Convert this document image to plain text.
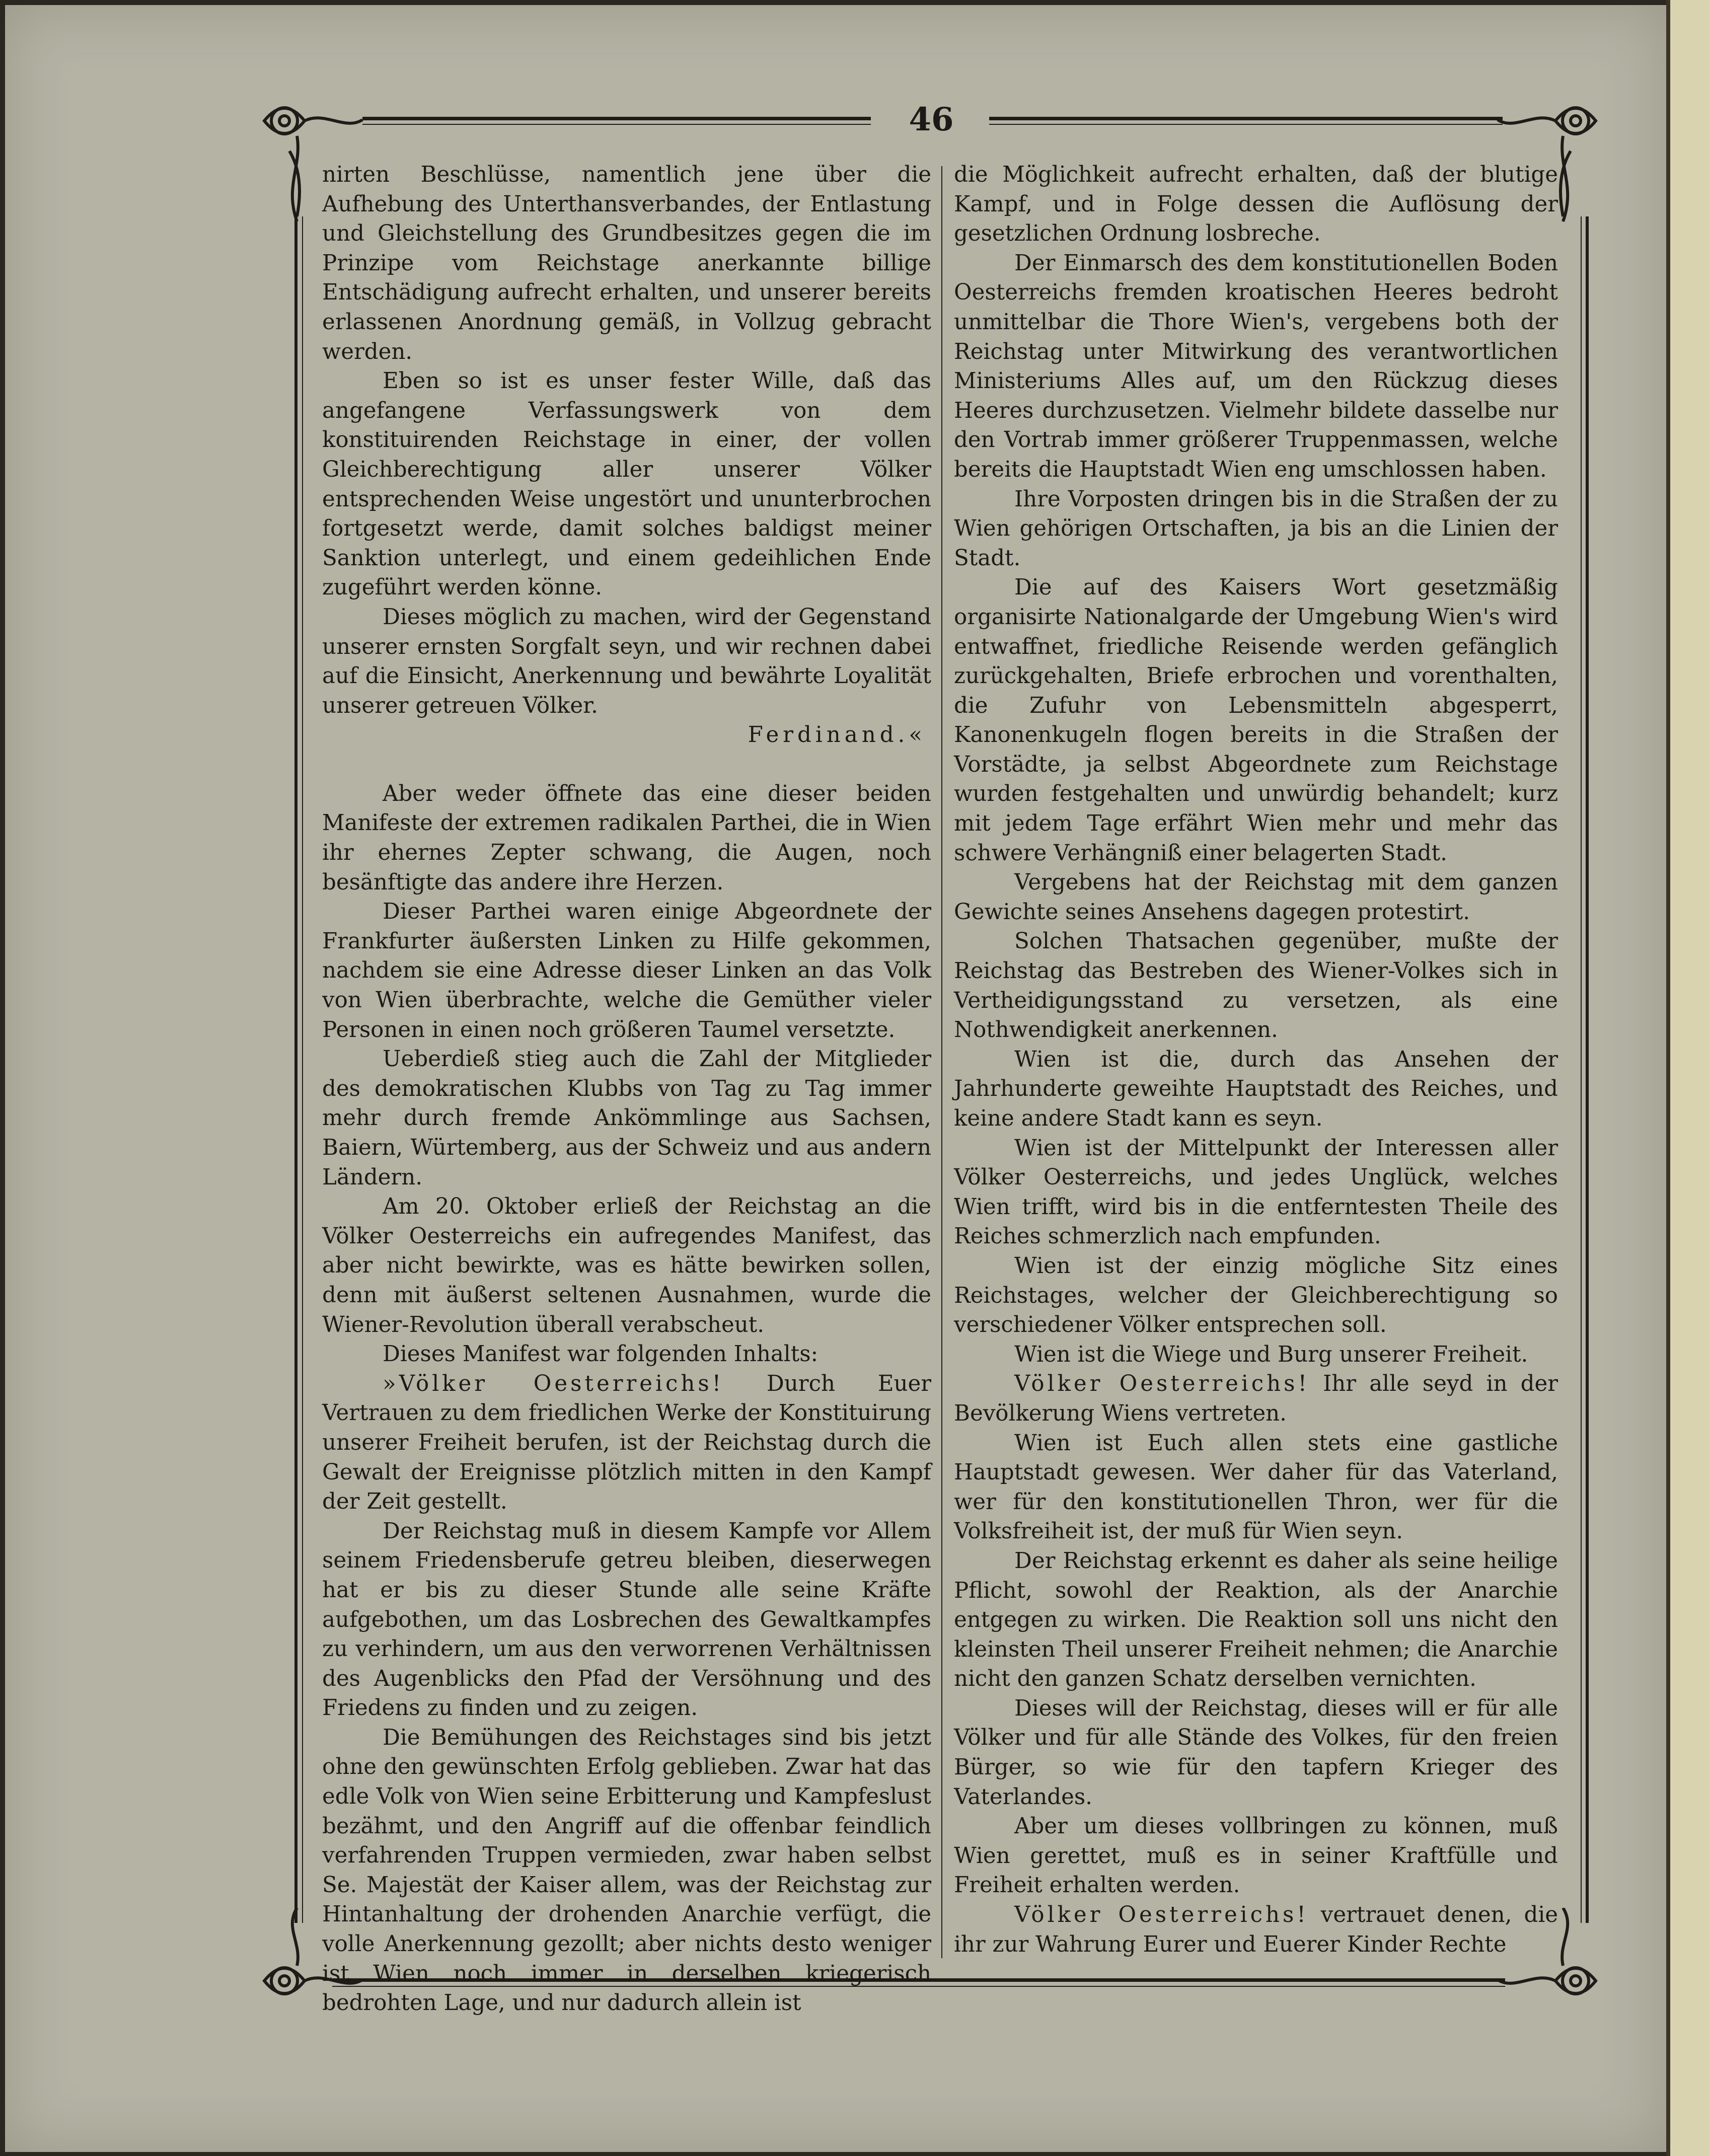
46

nirten Beschlüsse, namentlich jene über die Aufhebung des Unterthansverbandes, der Entlastung und Gleichstellung des Grundbesitzes gegen die im Prinzipe vom Reichstage anerkannte billige Entschädigung aufrecht erhalten, und unserer bereits erlassenen Anordnung gemäß, in Vollzug gebracht werden.

Eben so ist es unser fester Wille, daß das angefangene Verfassungswerk von dem konstituirenden Reichstage in einer, der vollen Gleichberechtigung aller unserer Völker entsprechenden Weise ungestört und ununterbrochen fortgesetzt werde, damit solches baldigst meiner Sanktion unterlegt, und einem gedeihlichen Ende zugeführt werden könne.

Dieses möglich zu machen, wird der Gegenstand unserer ernsten Sorgfalt seyn, und wir rechnen dabei auf die Einsicht, Anerkennung und bewährte Loyalität unserer getreuen Völker.

Ferdinand.«

Aber weder öffnete das eine dieser beiden Manifeste der extremen radikalen Parthei, die in Wien ihr ehernes Zepter schwang, die Augen, noch besänftigte das andere ihre Herzen.

Dieser Parthei waren einige Abgeordnete der Frankfurter äußersten Linken zu Hilfe gekommen, nachdem sie eine Adresse dieser Linken an das Volk von Wien überbrachte, welche die Gemüther vieler Personen in einen noch größeren Taumel versetzte.

Ueberdieß stieg auch die Zahl der Mitglieder des demokratischen Klubbs von Tag zu Tag immer mehr durch fremde Ankömmlinge aus Sachsen, Baiern, Würtemberg, aus der Schweiz und aus andern Ländern.

Am 20. Oktober erließ der Reichstag an die Völker Oesterreichs ein aufregendes Manifest, das aber nicht bewirkte, was es hätte bewirken sollen, denn mit äußerst seltenen Ausnahmen, wurde die Wiener-Revolution überall verabscheut.

Dieses Manifest war folgenden Inhalts:

»Völker Oesterreichs! Durch Euer Vertrauen zu dem friedlichen Werke der Konstituirung unserer Freiheit berufen, ist der Reichstag durch die Gewalt der Ereignisse plötzlich mitten in den Kampf der Zeit gestellt.

Der Reichstag muß in diesem Kampfe vor Allem seinem Friedensberufe getreu bleiben, dieserwegen hat er bis zu dieser Stunde alle seine Kräfte aufgebothen, um das Losbrechen des Gewaltkampfes zu verhindern, um aus den verworrenen Verhältnissen des Augenblicks den Pfad der Versöhnung und des Friedens zu finden und zu zeigen.

Die Bemühungen des Reichstages sind bis jetzt ohne den gewünschten Erfolg geblieben. Zwar hat das edle Volk von Wien seine Erbitterung und Kampfeslust bezähmt, und den Angriff auf die offenbar feindlich verfahrenden Truppen vermieden, zwar haben selbst Se. Majestät der Kaiser allem, was der Reichstag zur Hintanhaltung der drohenden Anarchie verfügt, die volle Anerkennung gezollt; aber nichts desto weniger ist Wien noch immer in derselben kriegerisch bedrohten Lage, und nur dadurch allein ist

die Möglichkeit aufrecht erhalten, daß der blutige Kampf, und in Folge dessen die Auflösung der gesetzlichen Ordnung losbreche.

Der Einmarsch des dem konstitutionellen Boden Oesterreichs fremden kroatischen Heeres bedroht unmittelbar die Thore Wien's, vergebens both der Reichstag unter Mitwirkung des verantwortlichen Ministeriums Alles auf, um den Rückzug dieses Heeres durchzusetzen. Vielmehr bildete dasselbe nur den Vortrab immer größerer Truppenmassen, welche bereits die Hauptstadt Wien eng umschlossen haben.

Ihre Vorposten dringen bis in die Straßen der zu Wien gehörigen Ortschaften, ja bis an die Linien der Stadt.

Die auf des Kaisers Wort gesetzmäßig organisirte Nationalgarde der Umgebung Wien's wird entwaffnet, friedliche Reisende werden gefänglich zurückgehalten, Briefe erbrochen und vorenthalten, die Zufuhr von Lebensmitteln abgesperrt, Kanonenkugeln flogen bereits in die Straßen der Vorstädte, ja selbst Abgeordnete zum Reichstage wurden festgehalten und unwürdig behandelt; kurz mit jedem Tage erfährt Wien mehr und mehr das schwere Verhängniß einer belagerten Stadt.

Vergebens hat der Reichstag mit dem ganzen Gewichte seines Ansehens dagegen protestirt.

Solchen Thatsachen gegenüber, mußte der Reichstag das Bestreben des Wiener-Volkes sich in Vertheidigungsstand zu versetzen, als eine Nothwendigkeit anerkennen.

Wien ist die, durch das Ansehen der Jahrhunderte geweihte Hauptstadt des Reiches, und keine andere Stadt kann es seyn.

Wien ist der Mittelpunkt der Interessen aller Völker Oesterreichs, und jedes Unglück, welches Wien trifft, wird bis in die entferntesten Theile des Reiches schmerzlich nach empfunden.

Wien ist der einzig mögliche Sitz eines Reichstages, welcher der Gleichberechtigung so verschiedener Völker entsprechen soll.

Wien ist die Wiege und Burg unserer Freiheit.

Völker Oesterreichs! Ihr alle seyd in der Bevölkerung Wiens vertreten.

Wien ist Euch allen stets eine gastliche Hauptstadt gewesen. Wer daher für das Vaterland, wer für den konstitutionellen Thron, wer für die Volksfreiheit ist, der muß für Wien seyn.

Der Reichstag erkennt es daher als seine heilige Pflicht, sowohl der Reaktion, als der Anarchie entgegen zu wirken. Die Reaktion soll uns nicht den kleinsten Theil unserer Freiheit nehmen; die Anarchie nicht den ganzen Schatz derselben vernichten.

Dieses will der Reichstag, dieses will er für alle Völker und für alle Stände des Volkes, für den freien Bürger, so wie für den tapfern Krieger des Vaterlandes.

Aber um dieses vollbringen zu können, muß Wien gerettet, muß es in seiner Kraftfülle und Freiheit erhalten werden.

Völker Oesterreichs! vertrauet denen, die ihr zur Wahrung Eurer und Euerer Kinder Rechte
